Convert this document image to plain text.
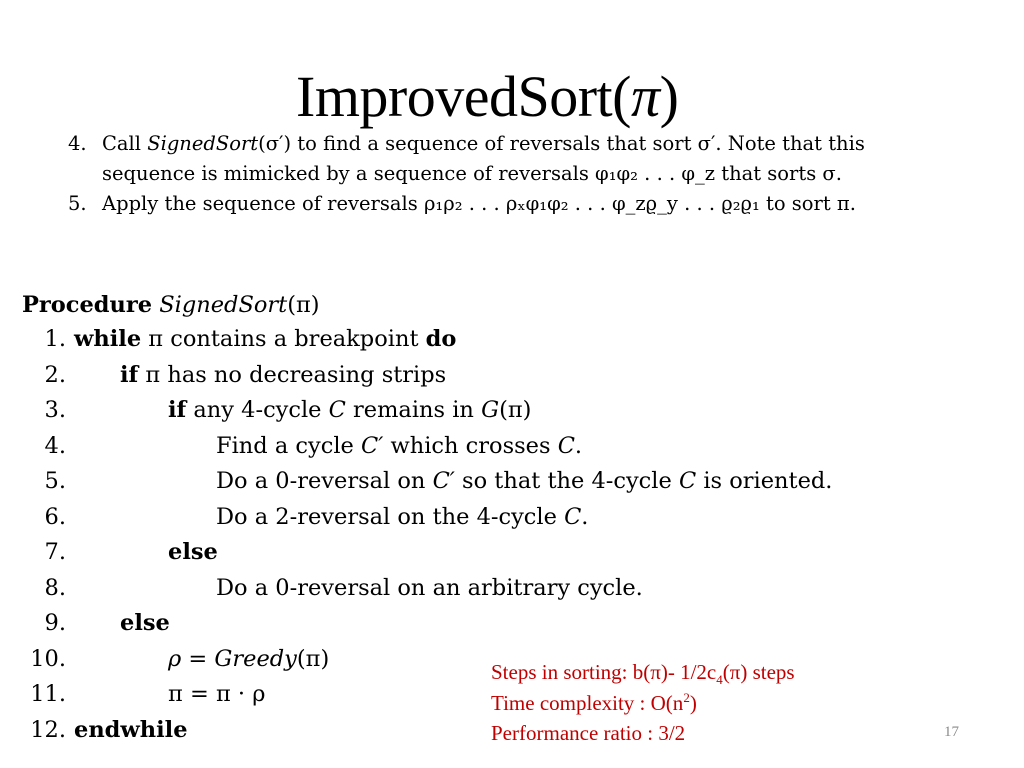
ImprovedSort(π)
4. Call SignedSort(σ′) to find a sequence of reversals that sort σ′. Note that this
sequence is mimicked by a sequence of reversals φ₁φ₂ . . . φ_z that sorts σ.
5. Apply the sequence of reversals ρ₁ρ₂ . . . ρₓφ₁φ₂ . . . φ_zϱ_y . . . ϱ₂ϱ₁ to sort π.
Procedure SignedSort(π)
1. while π contains a breakpoint do
2. if π has no decreasing strips
3.	if any 4-cycle C remains in G(π)
4.	Find a cycle C′ which crosses C.
5.	Do a 0-reversal on C′ so that the 4-cycle C is oriented.
6.	Do a 2-reversal on the 4-cycle C.
7.	else
8.	Do a 0-reversal on an arbitrary cycle.
9. else
10.	ρ = Greedy(π)
11.	π = π · ρ
12. endwhile
Steps in sorting: b(π)- $1/2c_4(\pi)$ steps
Time complexity : $O(n^2)$
Performance ratio : 3/2	17
